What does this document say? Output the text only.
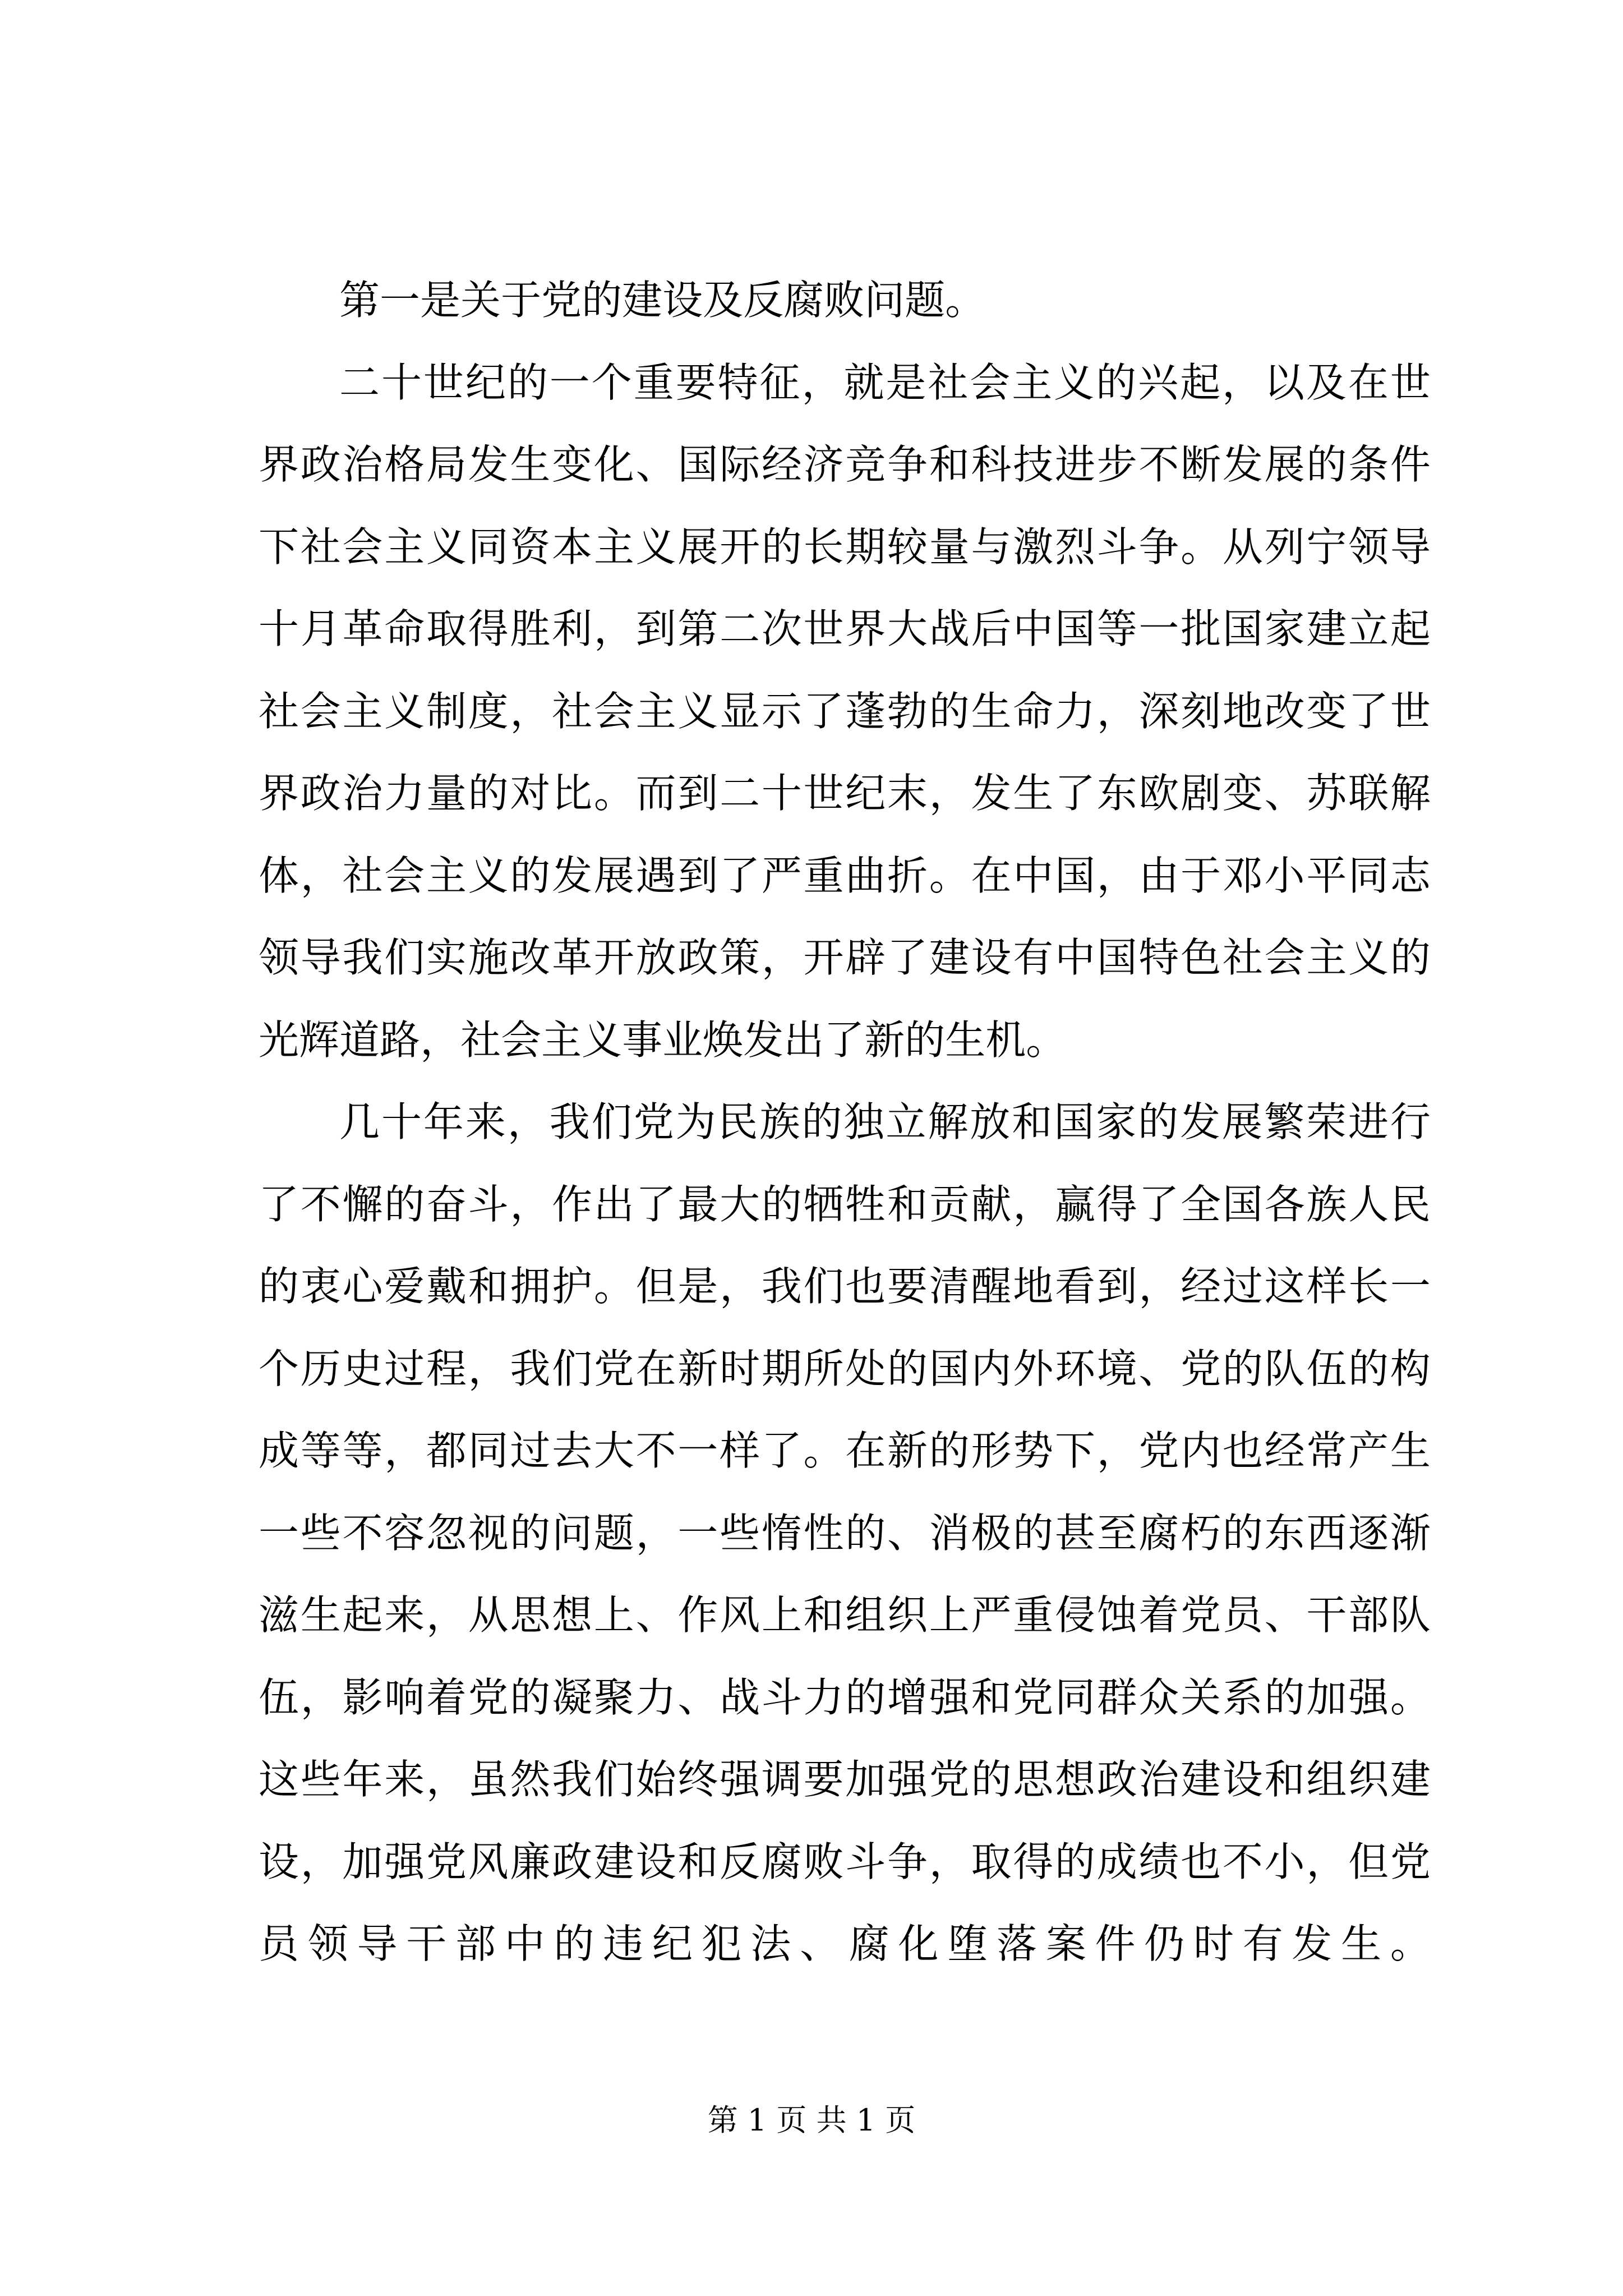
第 一 是 关 于 党 的 建 设 及 反 腐 败 问 题 。
二 十 世 纪 的 一 个 重 要 特 征 ， 就 是 社 会 主 义 的 兴 起 ， 以 及 在 世
界 政 治 格 局 发 生 变 化 、 国 际 经 济 竞 争 和 科 技 进 步 不 断 发 展 的 条 件
下 社 会 主 义 同 资 本 主 义 展 开 的 长 期 较 量 与 激 烈 斗 争 。 从 列 宁 领 导
十 月 革 命 取 得 胜 利 ， 到 第 二 次 世 界 大 战 后 中 国 等 一 批 国 家 建 立 起
社 会 主 义 制 度 ， 社 会 主 义 显 示 了 蓬 勃 的 生 命 力 ， 深 刻 地 改 变 了 世
界 政 治 力 量 的 对 比 。 而 到 二 十 世 纪 末 ， 发 生 了 东 欧 剧 变 、 苏 联 解
体 ， 社 会 主 义 的 发 展 遇 到 了 严 重 曲 折 。 在 中 国 ， 由 于 邓 小 平 同 志
领 导 我 们 实 施 改 革 开 放 政 策 ， 开 辟 了 建 设 有 中 国 特 色 社 会 主 义 的
光 辉 道 路 ， 社 会 主 义 事 业 焕 发 出 了 新 的 生 机 。
几 十 年 来 ， 我 们 党 为 民 族 的 独 立 解 放 和 国 家 的 发 展 繁 荣 进 行
了 不 懈 的 奋 斗 ， 作 出 了 最 大 的 牺 牲 和 贡 献 ， 赢 得 了 全 国 各 族 人 民
的 衷 心 爱 戴 和 拥 护 。 但 是 ， 我 们 也 要 清 醒 地 看 到 ， 经 过 这 样 长 一
个 历 史 过 程 ， 我 们 党 在 新 时 期 所 处 的 国 内 外 环 境 、 党 的 队 伍 的 构
成 等 等 ， 都 同 过 去 大 不 一 样 了 。 在 新 的 形 势 下 ， 党 内 也 经 常 产 生
一 些 不 容 忽 视 的 问 题 ， 一 些 惰 性 的 、 消 极 的 甚 至 腐 朽 的 东 西 逐 渐
滋 生 起 来 ， 从 思 想 上 、 作 风 上 和 组 织 上 严 重 侵 蚀 着 党 员 、 干 部 队
伍 ， 影 响 着 党 的 凝 聚 力 、 战 斗 力 的 增 强 和 党 同 群 众 关 系 的 加 强 。
这 些 年 来 ， 虽 然 我 们 始 终 强 调 要 加 强 党 的 思 想 政 治 建 设 和 组 织 建
设 ， 加 强 党 风 廉 政 建 设 和 反 腐 败 斗 争 ， 取 得 的 成 绩 也 不 小 ， 但 党
员 领 导 干 部 中 的 违 纪 犯 法 、 腐 化 堕 落 案 件 仍 时 有 发 生 。
第 1 页 共 1 页
